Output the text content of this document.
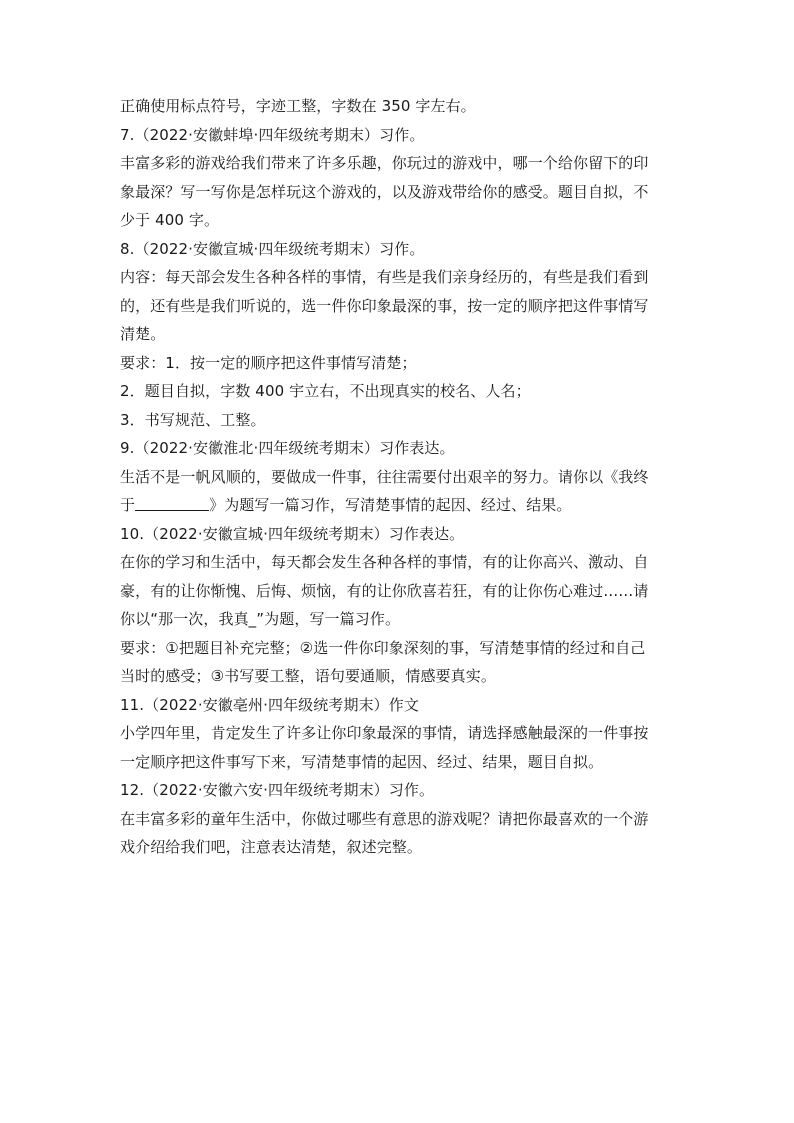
正确使用标点符号，字迹工整，字数在 350 字左右。
7.（2022·安徽蚌埠·四年级统考期末）习作。
丰富多彩的游戏给我们带来了许多乐趣，你玩过的游戏中，哪一个给你留下的印
象最深？写一写你是怎样玩这个游戏的，以及游戏带给你的感受。题目自拟，不
少于 400 字。
8.（2022·安徽宣城·四年级统考期末）习作。
内容：每天部会发生各种各样的事情，有些是我们亲身经历的，有些是我们看到
的，还有些是我们听说的，选一件你印象最深的事，按一定的顺序把这件事情写
清楚。
要求：1．按一定的顺序把这件事情写清楚；
2．题目自拟，字数 400 宇立右，不出现真实的校名、人名；
3．书写规范、工整。
9.（2022·安徽淮北·四年级统考期末）习作表达。
生活不是一帆风顺的，要做成一件事，往往需要付出艰辛的努力。请你以《我终
于	》为题写一篇习作，写清楚事情的起因、经过、结果。
10.（2022·安徽宣城·四年级统考期末）习作表达。
在你的学习和生活中，每天都会发生各种各样的事情，有的让你高兴、激动、自
豪，有的让你惭愧、后悔、烦恼，有的让你欣喜若狂，有的让你伤心难过……请
你以“那一次，我真_”为题，写一篇习作。
要求：①把题目补充完整；②选一件你印象深刻的事，写清楚事情的经过和自己
当时的感受；③书写要工整，语句要通顺，情感要真实。
11.（2022·安徽亳州·四年级统考期末）作文
小学四年里，肯定发生了许多让你印象最深的事情，请选择感触最深的一件事按
一定顺序把这件事写下来，写清楚事情的起因、经过、结果，题目自拟。
12.（2022·安徽六安·四年级统考期末）习作。
在丰富多彩的童年生活中，你做过哪些有意思的游戏呢？请把你最喜欢的一个游
戏介绍给我们吧，注意表达清楚，叙述完整。
